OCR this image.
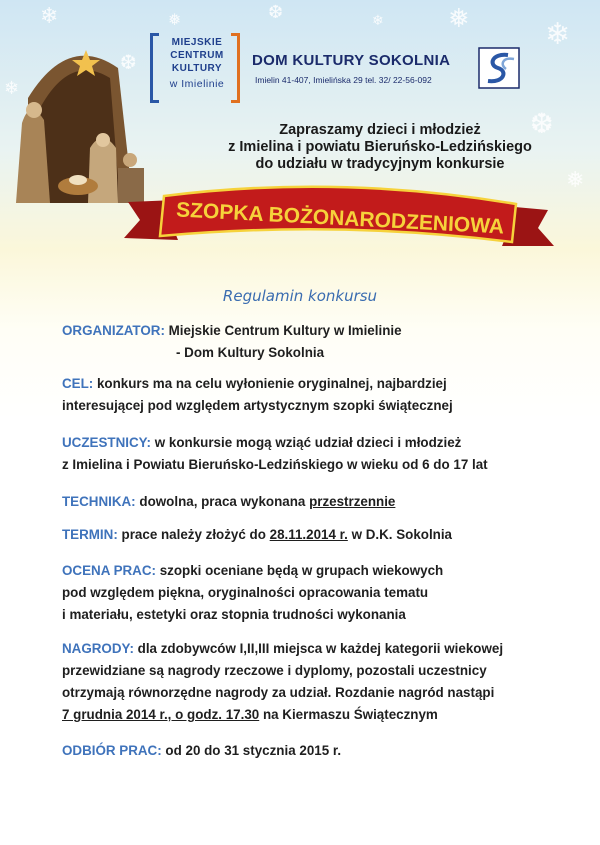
❄	❅	❆	❄ ❅	❄
❆
❅
❆
❄
MIEJSKIE
CENTRUM
KULTURY
w Imielinie
DOM KULTURY SOKOLNIA
Imielin 41-407, Imielińska 29 tel. 32/ 22-56-092
Zapraszamy dzieci i młodzież
z Imielina i powiatu Bieruńsko-Ledzińskiego
do udziału w tradycyjnym konkursie
SZOPKA BOŻONARODZENIOWA
Regulamin konkursu
ORGANIZATOR: Miejskie Centrum Kultury w Imielinie
- Dom Kultury Sokolnia
CEL: konkurs ma na celu wyłonienie oryginalnej, najbardziej
interesującej pod względem artystycznym szopki świątecznej
UCZESTNICY: w konkursie mogą wziąć udział dzieci i młodzież
z Imielina i Powiatu Bieruńsko-Ledzińskiego w wieku od 6 do 17 lat
TECHNIKA: dowolna, praca wykonana przestrzennie
TERMIN: prace należy złożyć do 28.11.2014 r. w D.K. Sokolnia
OCENA PRAC: szopki oceniane będą w grupach wiekowych
pod względem piękna, oryginalności opracowania tematu
i materiału, estetyki oraz stopnia trudności wykonania
NAGRODY: dla zdobywców I,II,III miejsca w każdej kategorii wiekowej
przewidziane są nagrody rzeczowe i dyplomy, pozostali uczestnicy
otrzymają równorzędne nagrody za udział. Rozdanie nagród nastąpi
7 grudnia 2014 r., o godz. 17.30 na Kiermaszu Świątecznym
ODBIÓR PRAC: od 20 do 31 stycznia 2015 r.
